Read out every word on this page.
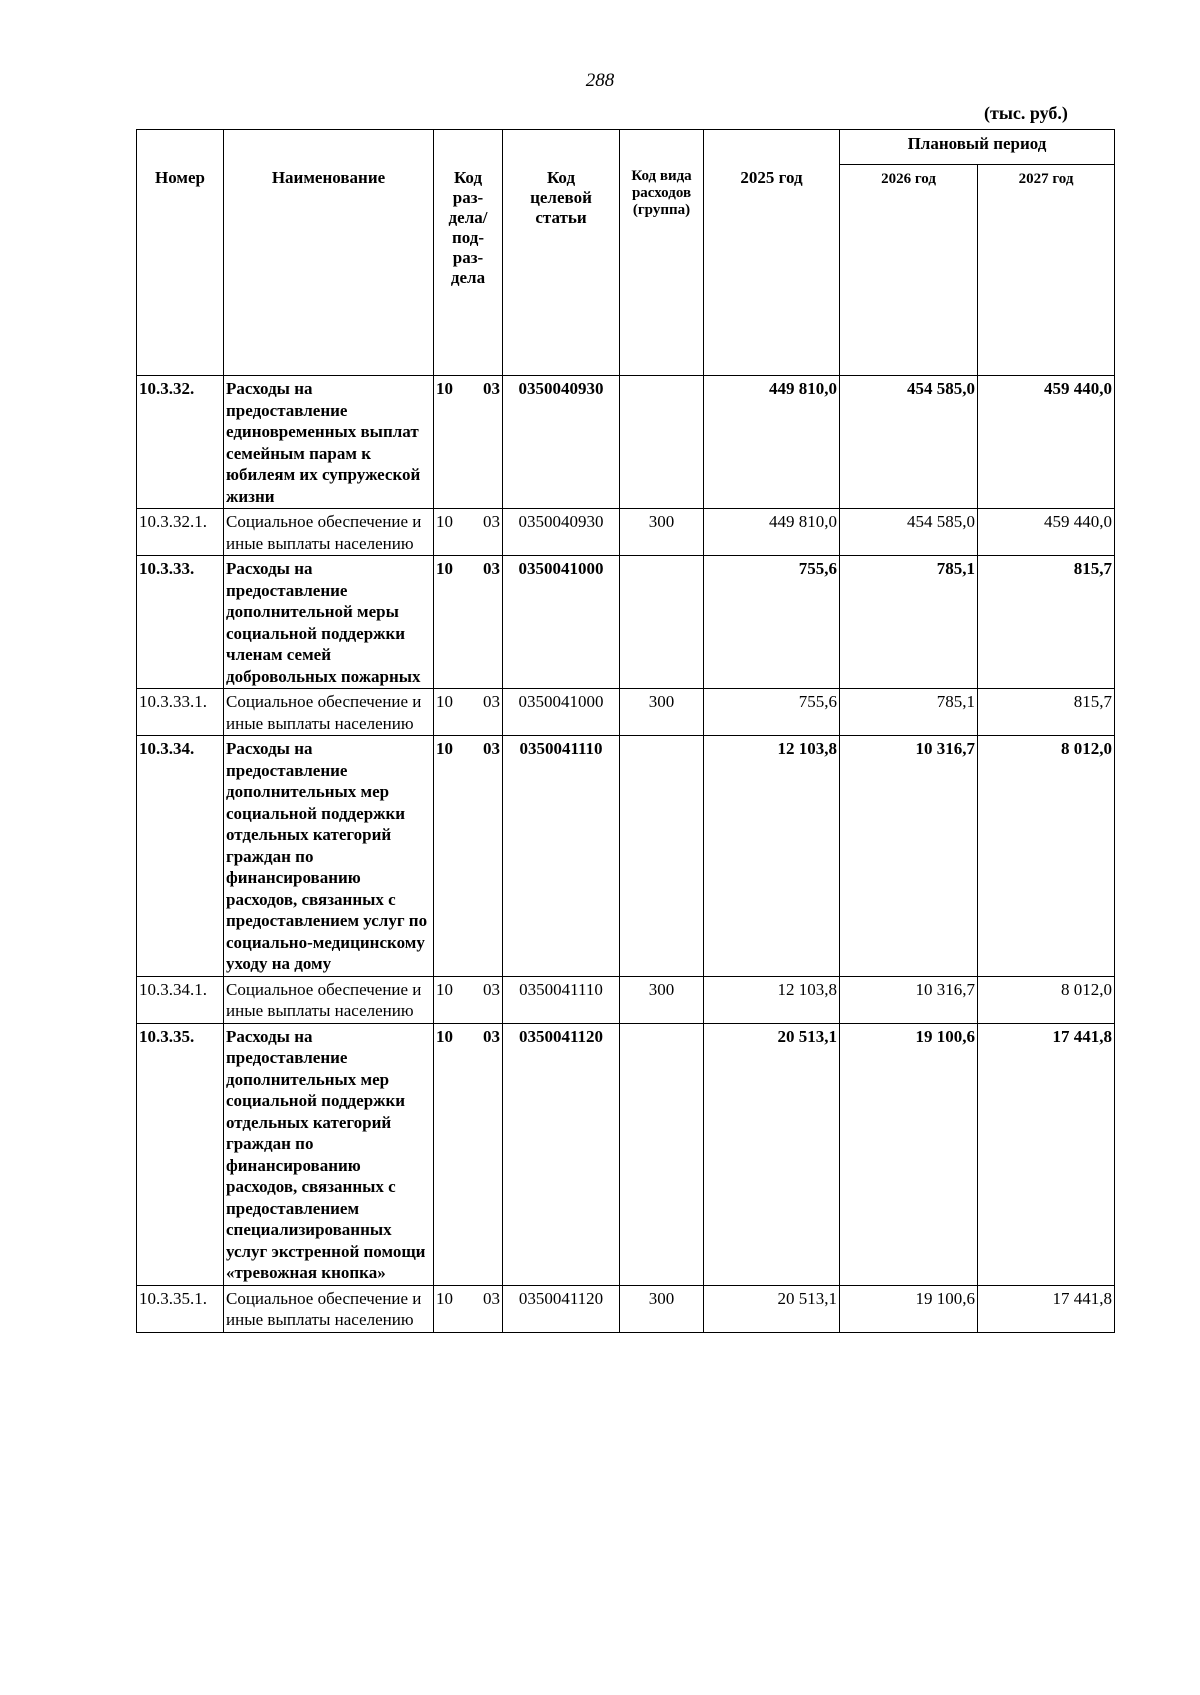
288
(тыс. руб.)
Номер	Наименование	Код раз-дела/ под-раз-дела	Код целевой статьи	Код вида расходов (группа)	2025 год	Плановый период	
						2026 год	2027 год
10.3.32.	Расходы на предоставление единовременных выплат семейным парам к юбилеям их супружеской жизни	10 03	0350040930		449 810,0	454 585,0	459 440,0
10.3.32.1.	Социальное обеспечение и иные выплаты населению	10 03	0350040930	300	449 810,0	454 585,0	459 440,0
10.3.33.	Расходы на предоставление дополнительной меры социальной поддержки членам семей добровольных пожарных	10 03	0350041000		755,6	785,1	815,7
10.3.33.1.	Социальное обеспечение и иные выплаты населению	10 03	0350041000	300	755,6	785,1	815,7
10.3.34.	Расходы на предоставление дополнительных мер социальной поддержки отдельных категорий граждан по финансированию расходов, связанных с предоставлением услуг по социально-медицинскому уходу на дому	10 03	0350041110		12 103,8	10 316,7	8 012,0
10.3.34.1.	Социальное обеспечение и иные выплаты населению	10 03	0350041110	300	12 103,8	10 316,7	8 012,0
10.3.35.	Расходы на предоставление дополнительных мер социальной поддержки отдельных категорий граждан по финансированию расходов, связанных с предоставлением специализированных услуг экстренной помощи «тревожная кнопка»	10 03	0350041120		20 513,1	19 100,6	17 441,8
10.3.35.1.	Социальное обеспечение и иные выплаты населению	10 03	0350041120	300	20 513,1	19 100,6	17 441,8
